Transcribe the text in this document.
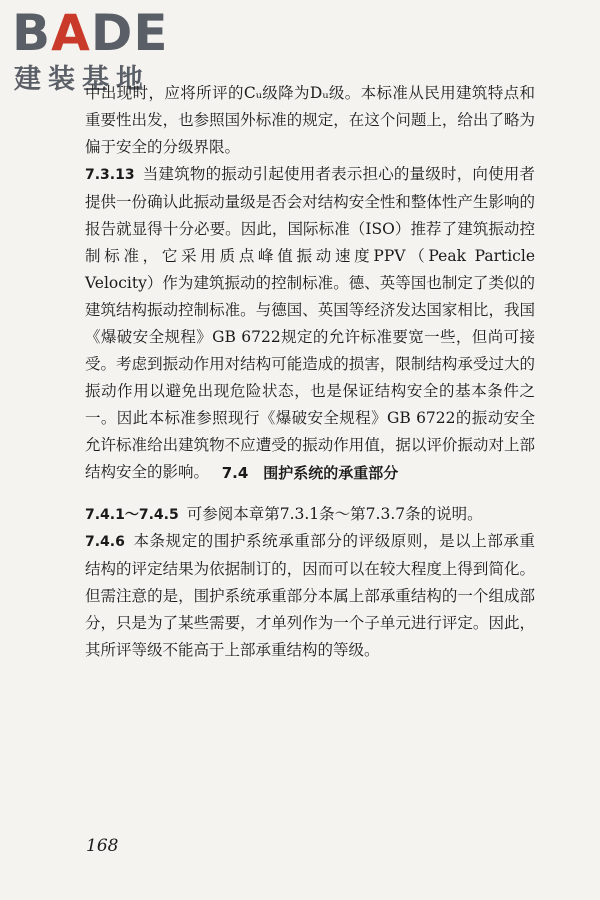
BADE
建装基地

中出现时，应将所评的Cᵤ级降为Dᵤ级。本标准从民用建筑特点和重要性出发，也参照国外标准的规定，在这个问题上，给出了略为偏于安全的分级界限。

7.3.13 当建筑物的振动引起使用者表示担心的量级时，向使用者提供一份确认此振动量级是否会对结构安全性和整体性产生影响的报告就显得十分必要。因此，国际标准（ISO）推荐了建筑振动控制标准，它采用质点峰值振动速度PPV（Peak Particle Velocity）作为建筑振动的控制标准。德、英等国也制定了类似的建筑结构振动控制标准。与德国、英国等经济发达国家相比，我国《爆破安全规程》GB 6722规定的允许标准要宽一些，但尚可接受。考虑到振动作用对结构可能造成的损害，限制结构承受过大的振动作用以避免出现危险状态，也是保证结构安全的基本条件之一。因此本标准参照现行《爆破安全规程》GB 6722的振动安全允许标准给出建筑物不应遭受的振动作用值，据以评价振动对上部结构安全的影响。 7.4　围护系统的承重部分

7.4.1～7.4.5 可参阅本章第7.3.1条～第7.3.7条的说明。

7.4.6 本条规定的围护系统承重部分的评级原则，是以上部承重结构的评定结果为依据制订的，因而可以在较大程度上得到简化。但需注意的是，围护系统承重部分本属上部承重结构的一个组成部分，只是为了某些需要，才单列作为一个子单元进行评定。因此，其所评等级不能高于上部承重结构的等级。

168
